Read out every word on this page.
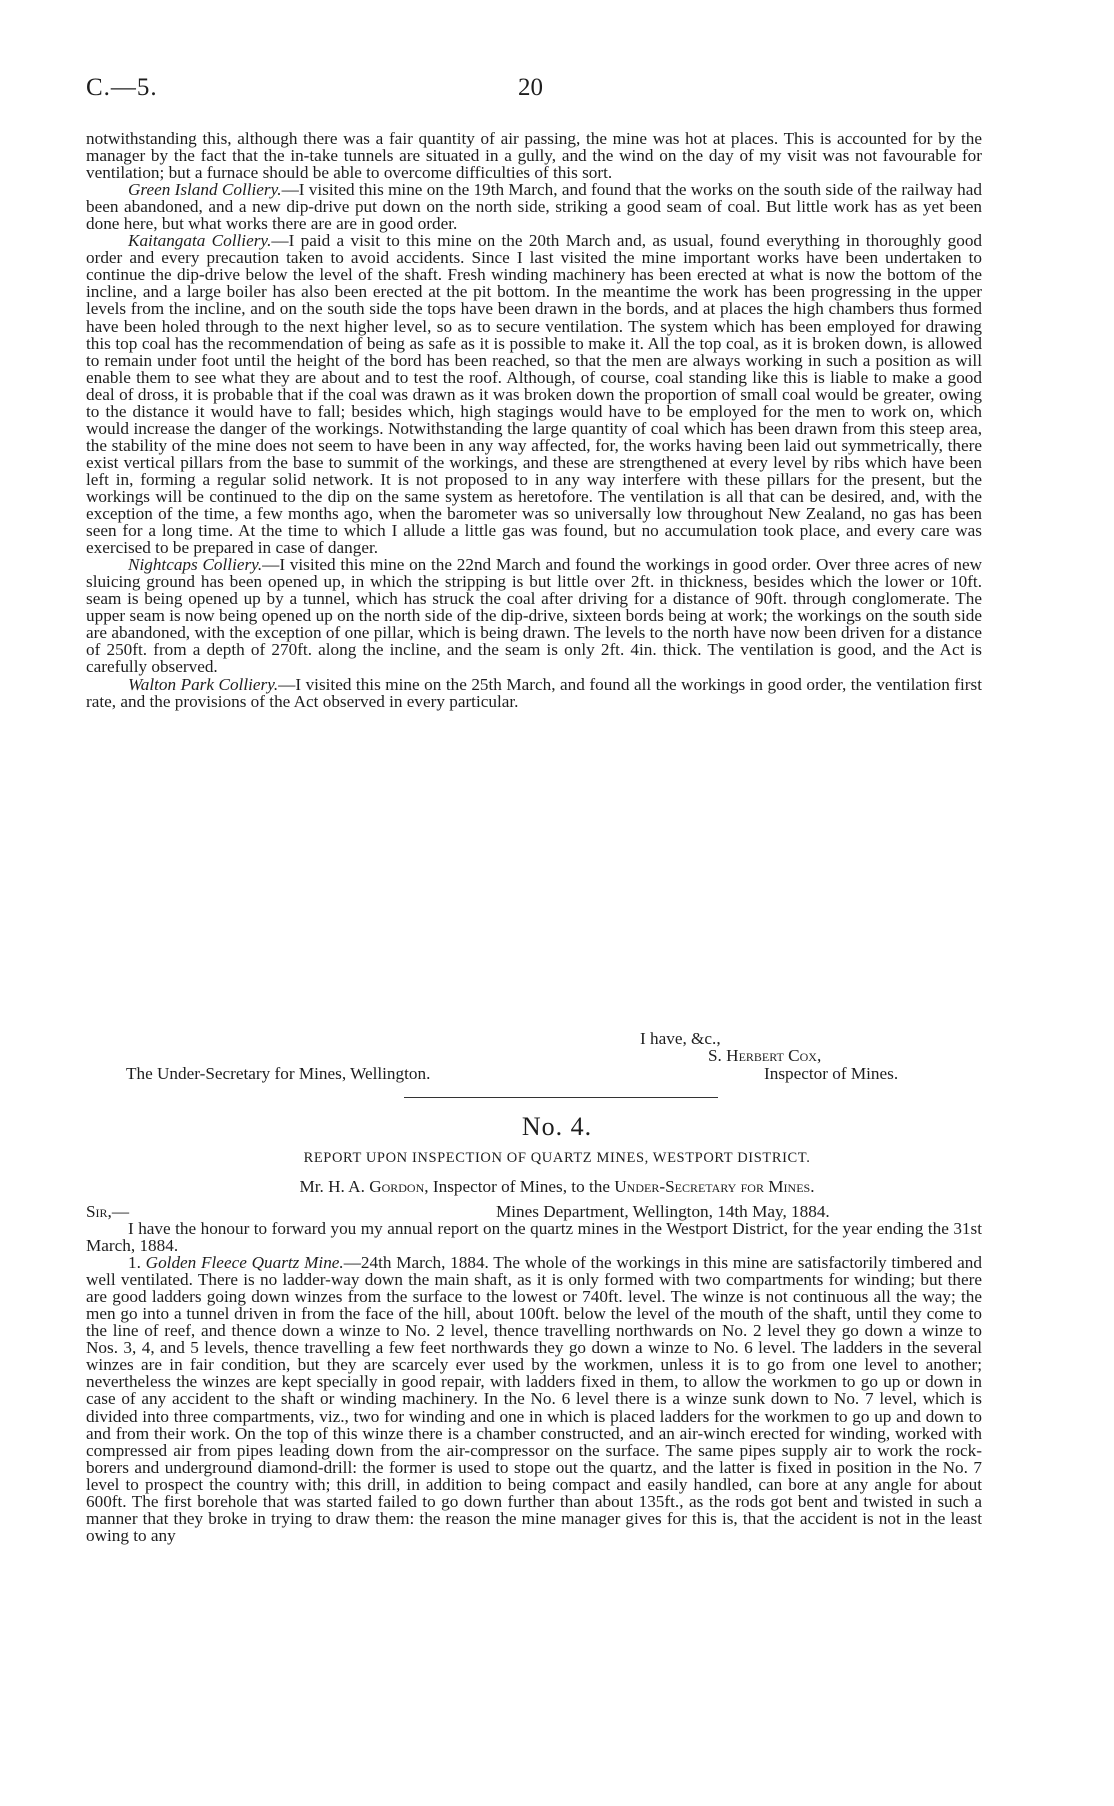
C.—5.	20

notwithstanding this, although there was a fair quantity of air passing, the mine was hot at places. This is accounted for by the manager by the fact that the in-take tunnels are situated in a gully, and the wind on the day of my visit was not favourable for ventilation; but a furnace should be able to overcome difficulties of this sort.

Green Island Colliery.—I visited this mine on the 19th March, and found that the works on the south side of the railway had been abandoned, and a new dip-drive put down on the north side, striking a good seam of coal. But little work has as yet been done here, but what works there are are in good order.

Kaitangata Colliery.—I paid a visit to this mine on the 20th March and, as usual, found everything in thoroughly good order and every precaution taken to avoid accidents. Since I last visited the mine important works have been undertaken to continue the dip-drive below the level of the shaft. Fresh winding machinery has been erected at what is now the bottom of the incline, and a large boiler has also been erected at the pit bottom. In the meantime the work has been progressing in the upper levels from the incline, and on the south side the tops have been drawn in the bords, and at places the high chambers thus formed have been holed through to the next higher level, so as to secure ventilation. The system which has been employed for drawing this top coal has the recommendation of being as safe as it is possible to make it. All the top coal, as it is broken down, is allowed to remain under foot until the height of the bord has been reached, so that the men are always working in such a position as will enable them to see what they are about and to test the roof. Although, of course, coal standing like this is liable to make a good deal of dross, it is probable that if the coal was drawn as it was broken down the proportion of small coal would be greater, owing to the distance it would have to fall; besides which, high stagings would have to be employed for the men to work on, which would increase the danger of the workings. Notwithstanding the large quantity of coal which has been drawn from this steep area, the stability of the mine does not seem to have been in any way affected, for, the works having been laid out symmetrically, there exist vertical pillars from the base to summit of the workings, and these are strengthened at every level by ribs which have been left in, forming a regular solid network. It is not proposed to in any way interfere with these pillars for the present, but the workings will be continued to the dip on the same system as heretofore. The ventilation is all that can be desired, and, with the exception of the time, a few months ago, when the barometer was so universally low throughout New Zealand, no gas has been seen for a long time. At the time to which I allude a little gas was found, but no accumulation took place, and every care was exercised to be prepared in case of danger.

Nightcaps Colliery.—I visited this mine on the 22nd March and found the workings in good order. Over three acres of new sluicing ground has been opened up, in which the stripping is but little over 2ft. in thickness, besides which the lower or 10ft. seam is being opened up by a tunnel, which has struck the coal after driving for a distance of 90ft. through conglomerate. The upper seam is now being opened up on the north side of the dip-drive, sixteen bords being at work; the workings on the south side are abandoned, with the exception of one pillar, which is being drawn. The levels to the north have now been driven for a distance of 250ft. from a depth of 270ft. along the incline, and the seam is only 2ft. 4in. thick. The ventilation is good, and the Act is carefully observed.

Walton Park Colliery.—I visited this mine on the 25th March, and found all the workings in good order, the ventilation first rate, and the provisions of the Act observed in every particular.

I have, &c.,
S. Herbert Cox,
The Under-Secretary for Mines, Wellington.	Inspector of Mines.
No. 4.
REPORT UPON INSPECTION OF QUARTZ MINES, WESTPORT DISTRICT.
Mr. H. A. Gordon, Inspector of Mines, to the Under-Secretary for Mines.
Sir,—	Mines Department, Wellington, 14th May, 1884.

I have the honour to forward you my annual report on the quartz mines in the Westport District, for the year ending the 31st March, 1884.

1. Golden Fleece Quartz Mine.—24th March, 1884. The whole of the workings in this mine are satisfactorily timbered and well ventilated. There is no ladder-way down the main shaft, as it is only formed with two compartments for winding; but there are good ladders going down winzes from the surface to the lowest or 740ft. level. The winze is not continuous all the way; the men go into a tunnel driven in from the face of the hill, about 100ft. below the level of the mouth of the shaft, until they come to the line of reef, and thence down a winze to No. 2 level, thence travelling northwards on No. 2 level they go down a winze to Nos. 3, 4, and 5 levels, thence travelling a few feet northwards they go down a winze to No. 6 level. The ladders in the several winzes are in fair condition, but they are scarcely ever used by the workmen, unless it is to go from one level to another; nevertheless the winzes are kept specially in good repair, with ladders fixed in them, to allow the workmen to go up or down in case of any accident to the shaft or winding machinery. In the No. 6 level there is a winze sunk down to No. 7 level, which is divided into three compartments, viz., two for winding and one in which is placed ladders for the workmen to go up and down to and from their work. On the top of this winze there is a chamber constructed, and an air-winch erected for winding, worked with compressed air from pipes leading down from the air-compressor on the surface. The same pipes supply air to work the rock-borers and underground diamond-drill: the former is used to stope out the quartz, and the latter is fixed in position in the No. 7 level to prospect the country with; this drill, in addition to being compact and easily handled, can bore at any angle for about 600ft. The first borehole that was started failed to go down further than about 135ft., as the rods got bent and twisted in such a manner that they broke in trying to draw them: the reason the mine manager gives for this is, that the accident is not in the least owing to any
